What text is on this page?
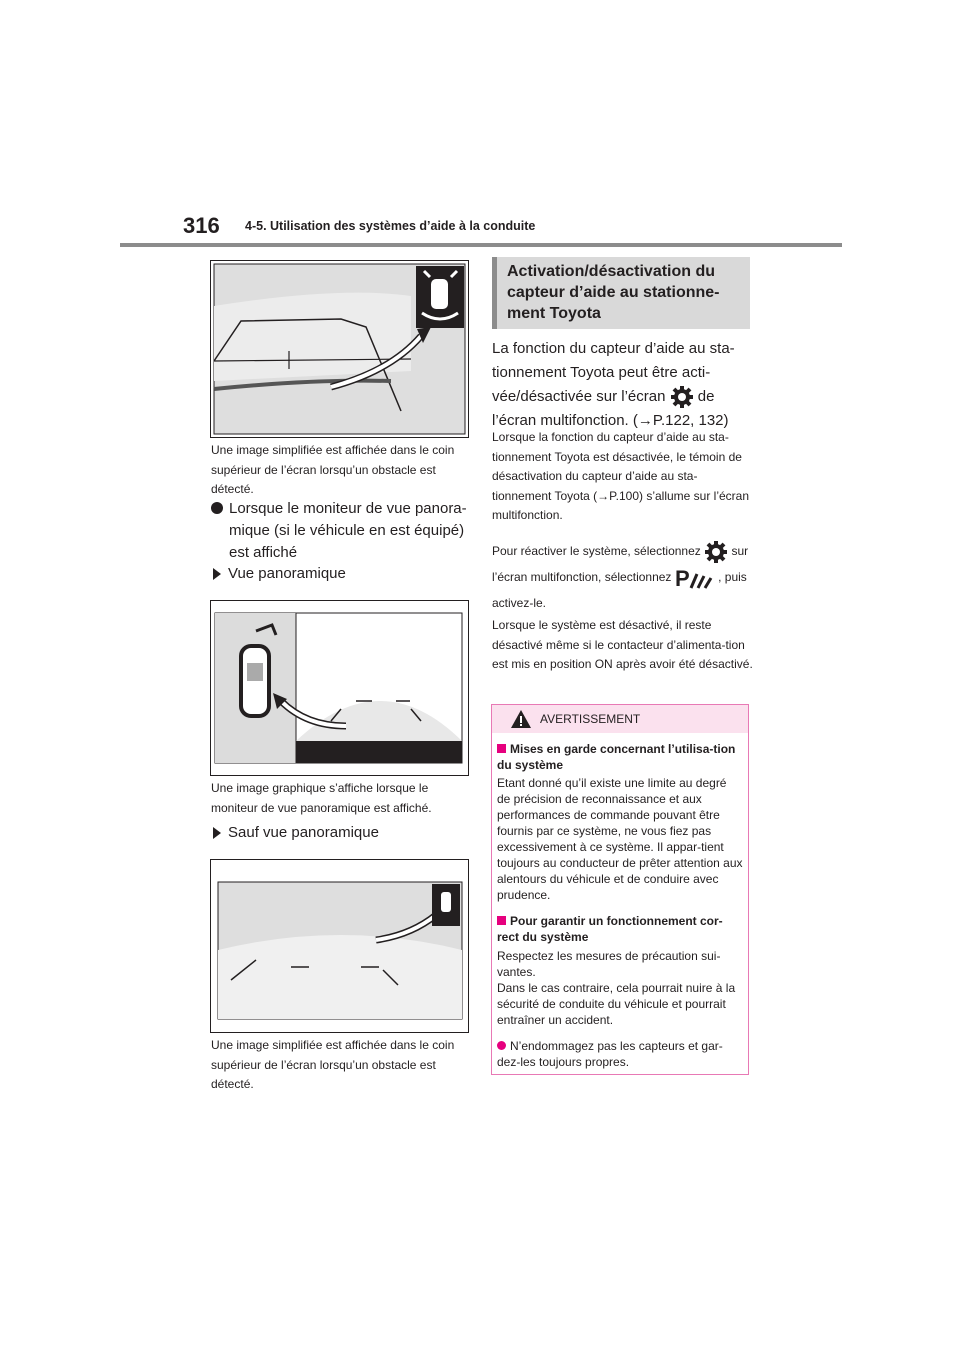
316 4-5. Utilisation des systèmes d’aide à la conduite
Une image simplifiée est affichée dans le coin supérieur de l’écran lorsqu’un obstacle est détecté.
Lorsque le moniteur de vue panora-mique (si le véhicule en est équipé) est affiché
Vue panoramique
Une image graphique s’affiche lorsque le moniteur de vue panoramique est affiché.
Sauf vue panoramique
Une image simplifiée est affichée dans le coin supérieur de l’écran lorsqu’un obstacle est détecté.
Activation/désactivation du capteur d’aide au stationne-ment Toyota
La fonction du capteur d’aide au sta-tionnement Toyota peut être acti-vée/désactivée sur l’écran de l’écran multifonction. (→P.122, 132)
Lorsque la fonction du capteur d’aide au sta-tionnement Toyota est désactivée, le témoin de désactivation du capteur d’aide au sta-tionnement Toyota (→P.100) s’allume sur l’écran multifonction.
Pour réactiver le système, sélectionnez	sur l’écran multifonction, sélectionnez P , puis activez-le.
Lorsque le système est désactivé, il reste désactivé même si le contacteur d’alimenta-tion est mis en position ON après avoir été désactivé.
AVERTISSEMENT
Mises en garde concernant l’utilisa-tion du système
Etant donné qu’il existe une limite au degré de précision de reconnaissance et aux performances de commande pouvant être fournis par ce système, ne vous fiez pas excessivement à ce système. Il appar-tient toujours au conducteur de prêter attention aux alentours du véhicule et de conduire avec prudence.
Pour garantir un fonctionnement cor-rect du système
Respectez les mesures de précaution sui-vantes.
Dans le cas contraire, cela pourrait nuire à la sécurité de conduite du véhicule et pourrait entraîner un accident.
N’endommagez pas les capteurs et gar-dez-les toujours propres.
